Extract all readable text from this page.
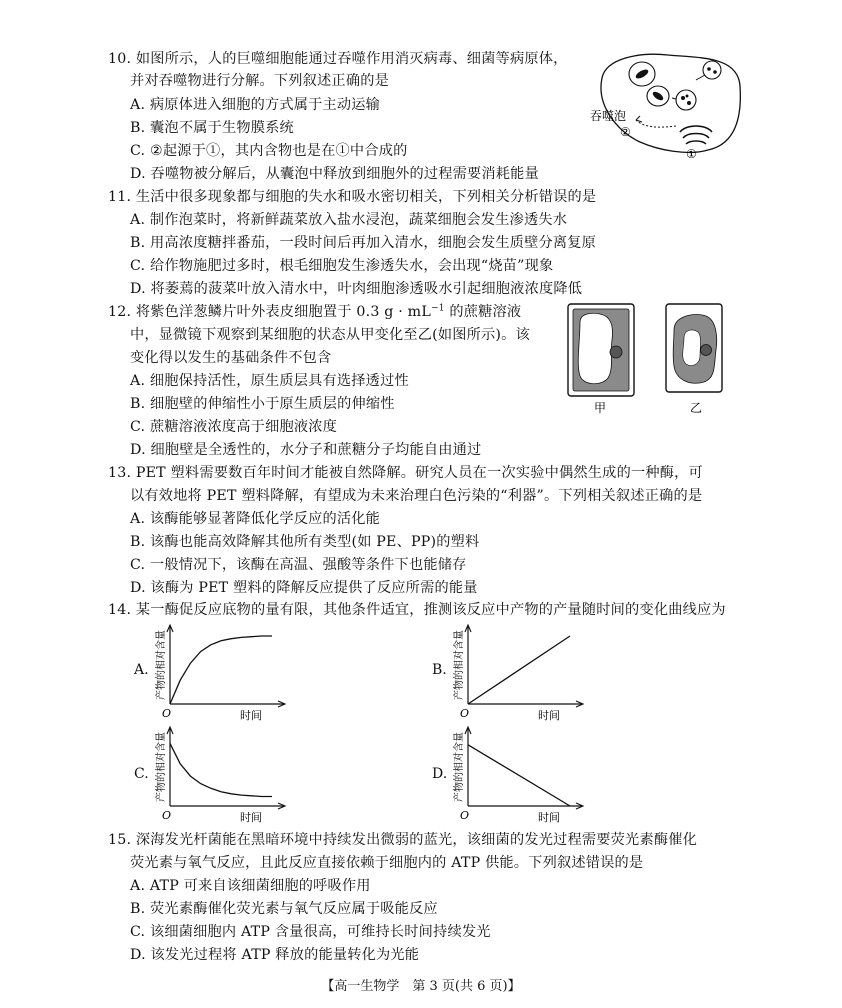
10. 如图所示，人的巨噬细胞能通过吞噬作用消灭病毒、细菌等病原体，
并对吞噬物进行分解。下列叙述正确的是
A. 病原体进入细胞的方式属于主动运输
B. 囊泡不属于生物膜系统
C. ②起源于①，其内含物也是在①中合成的
D. 吞噬物被分解后，从囊泡中释放到细胞外的过程需要消耗能量
吞噬泡
②
①
11. 生活中很多现象都与细胞的失水和吸水密切相关，下列相关分析错误的是
A. 制作泡菜时，将新鲜蔬菜放入盐水浸泡，蔬菜细胞会发生渗透失水
B. 用高浓度糖拌番茄，一段时间后再加入清水，细胞会发生质壁分离复原
C. 给作物施肥过多时，根毛细胞发生渗透失水，会出现“烧苗”现象
D. 将萎蔫的菠菜叶放入清水中，叶肉细胞渗透吸水引起细胞液浓度降低
12. 将紫色洋葱鳞片叶外表皮细胞置于 0.3 $g \cdot mL^{-1}$ 的蔗糖溶液
中，显微镜下观察到某细胞的状态从甲变化至乙(如图所示)。该
变化得以发生的基础条件不包含
A. 细胞保持活性，原生质层具有选择透过性
B. 细胞壁的伸缩性小于原生质层的伸缩性
C. 蔗糖溶液浓度高于细胞液浓度
D. 细胞壁是全透性的，水分子和蔗糖分子均能自由通过
甲	乙
13. PET 塑料需要数百年时间才能被自然降解。研究人员在一次实验中偶然生成的一种酶，可
以有效地将 PET 塑料降解，有望成为未来治理白色污染的“利器”。下列相关叙述正确的是
A. 该酶能够显著降低化学反应的活化能
B. 该酶也能高效降解其他所有类型(如 PE、PP)的塑料
C. 一般情况下，该酶在高温、强酸等条件下也能储存
D. 该酶为 PET 塑料的降解反应提供了反应所需的能量
14. 某一酶促反应底物的量有限，其他条件适宜，推测该反应中产物的产量随时间的变化曲线应为
A.	B.
C.	D.
O	时间
产物的相对含量
O	时间
产物的相对含量
O	时间
产物的相对含量
O	时间
产物的相对含量
15. 深海发光杆菌能在黑暗环境中持续发出微弱的蓝光，该细菌的发光过程需要荧光素酶催化
荧光素与氧气反应，且此反应直接依赖于细胞内的 ATP 供能。下列叙述错误的是
A. ATP 可来自该细菌细胞的呼吸作用
B. 荧光素酶催化荧光素与氧气反应属于吸能反应
C. 该细菌细胞内 ATP 含量很高，可维持长时间持续发光
D. 该发光过程将 ATP 释放的能量转化为光能
【高一生物学　第 3 页(共 6 页)】
